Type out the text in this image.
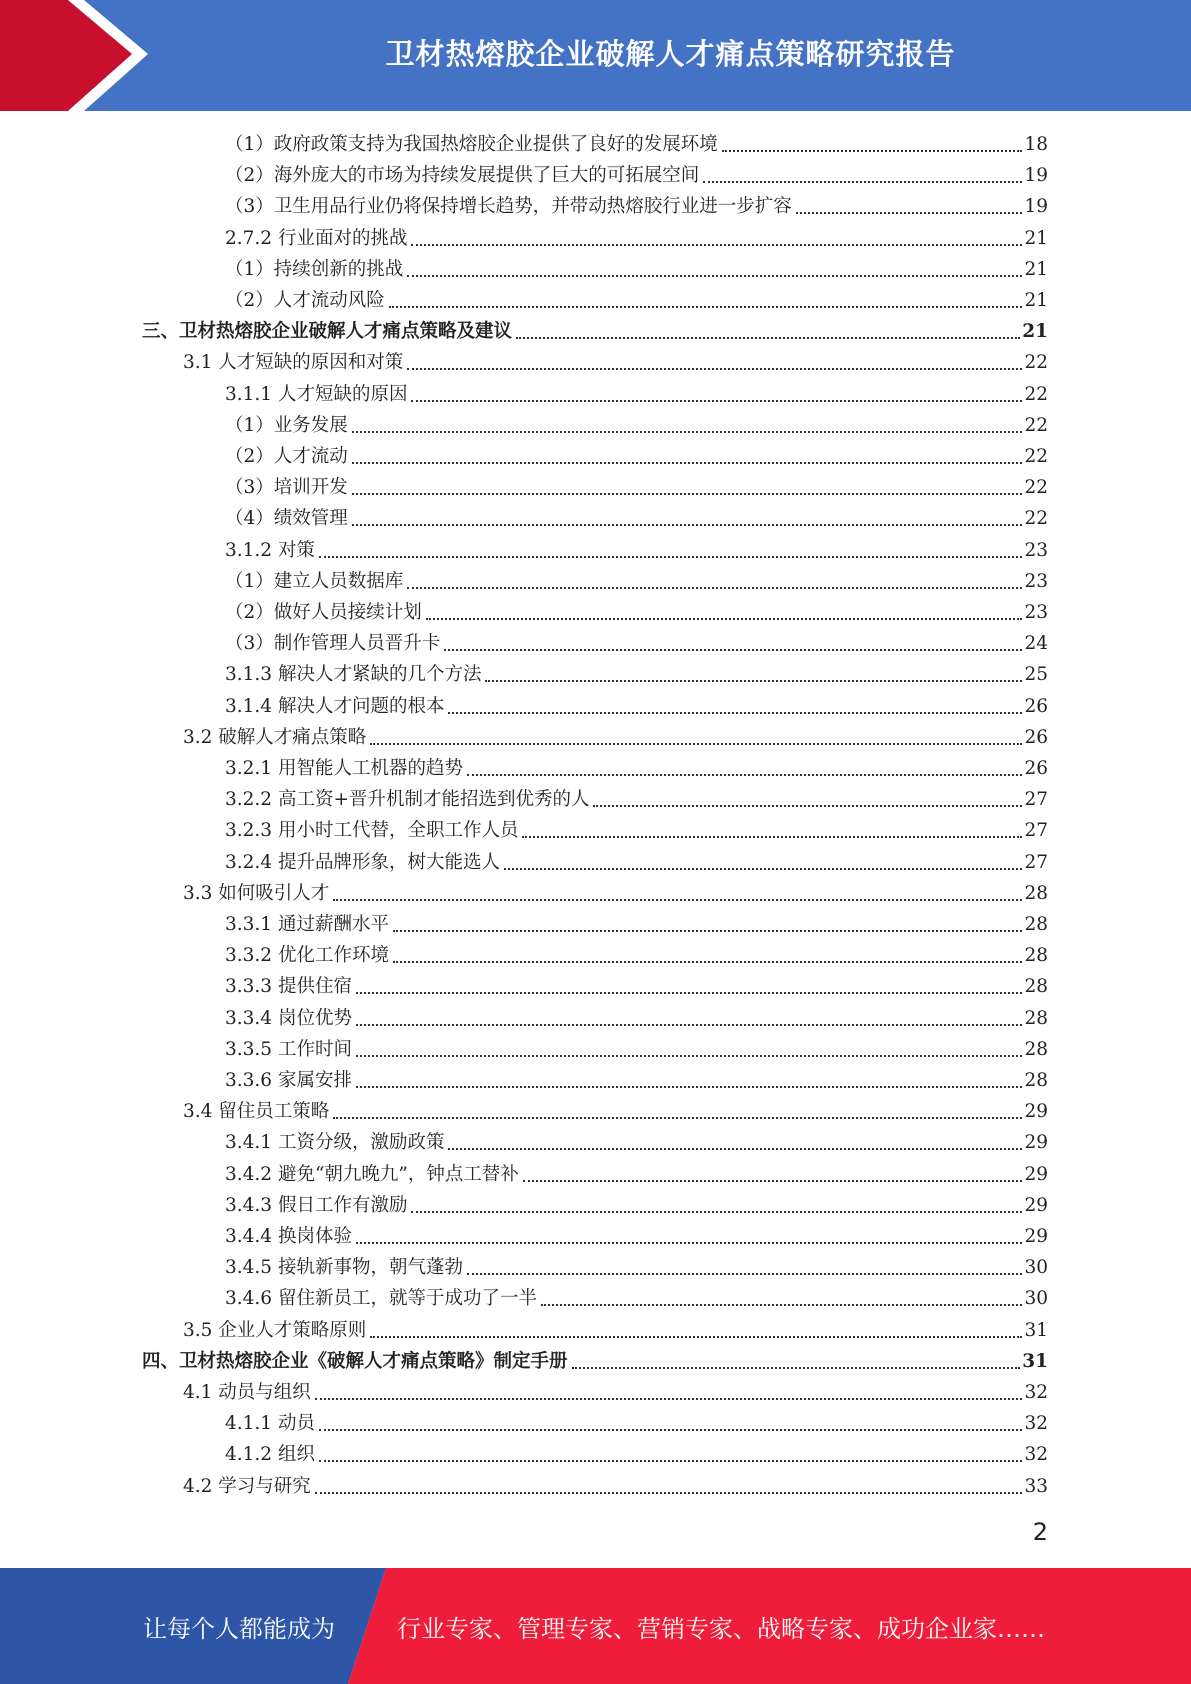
卫材热熔胶企业破解人才痛点策略研究报告
（1）政府政策支持为我国热熔胶企业提供了良好的发展环境	18
（2）海外庞大的市场为持续发展提供了巨大的可拓展空间	19
（3）卫生用品行业仍将保持增长趋势，并带动热熔胶行业进一步扩容	19
2.7.2 行业面对的挑战	21
（1）持续创新的挑战	21
（2）人才流动风险	21
三、卫材热熔胶企业破解人才痛点策略及建议	21
3.1 人才短缺的原因和对策	22
3.1.1 人才短缺的原因	22
（1）业务发展	22
（2）人才流动	22
（3）培训开发	22
（4）绩效管理	22
3.1.2 对策	23
（1）建立人员数据库	23
（2）做好人员接续计划	23
（3）制作管理人员晋升卡	24
3.1.3 解决人才紧缺的几个方法	25
3.1.4 解决人才问题的根本	26
3.2 破解人才痛点策略	26
3.2.1 用智能人工机器的趋势	26
3.2.2 高工资+晋升机制才能招选到优秀的人	27
3.2.3 用小时工代替，全职工作人员	27
3.2.4 提升品牌形象，树大能选人	27
3.3 如何吸引人才	28
3.3.1 通过薪酬水平	28
3.3.2 优化工作环境	28
3.3.3 提供住宿	28
3.3.4 岗位优势	28
3.3.5 工作时间	28
3.3.6 家属安排	28
3.4 留住员工策略	29
3.4.1 工资分级，激励政策	29
3.4.2 避免“朝九晚九”，钟点工替补	29
3.4.3 假日工作有激励	29
3.4.4 换岗体验	29
3.4.5 接轨新事物，朝气蓬勃	30
3.4.6 留住新员工，就等于成功了一半	30
3.5 企业人才策略原则	31
四、卫材热熔胶企业《破解人才痛点策略》制定手册	31
4.1 动员与组织	32
4.1.1 动员	32
4.1.2 组织	32
4.2 学习与研究	33
2
让每个人都能成为	行业专家、管理专家、营销专家、战略专家、成功企业家……
